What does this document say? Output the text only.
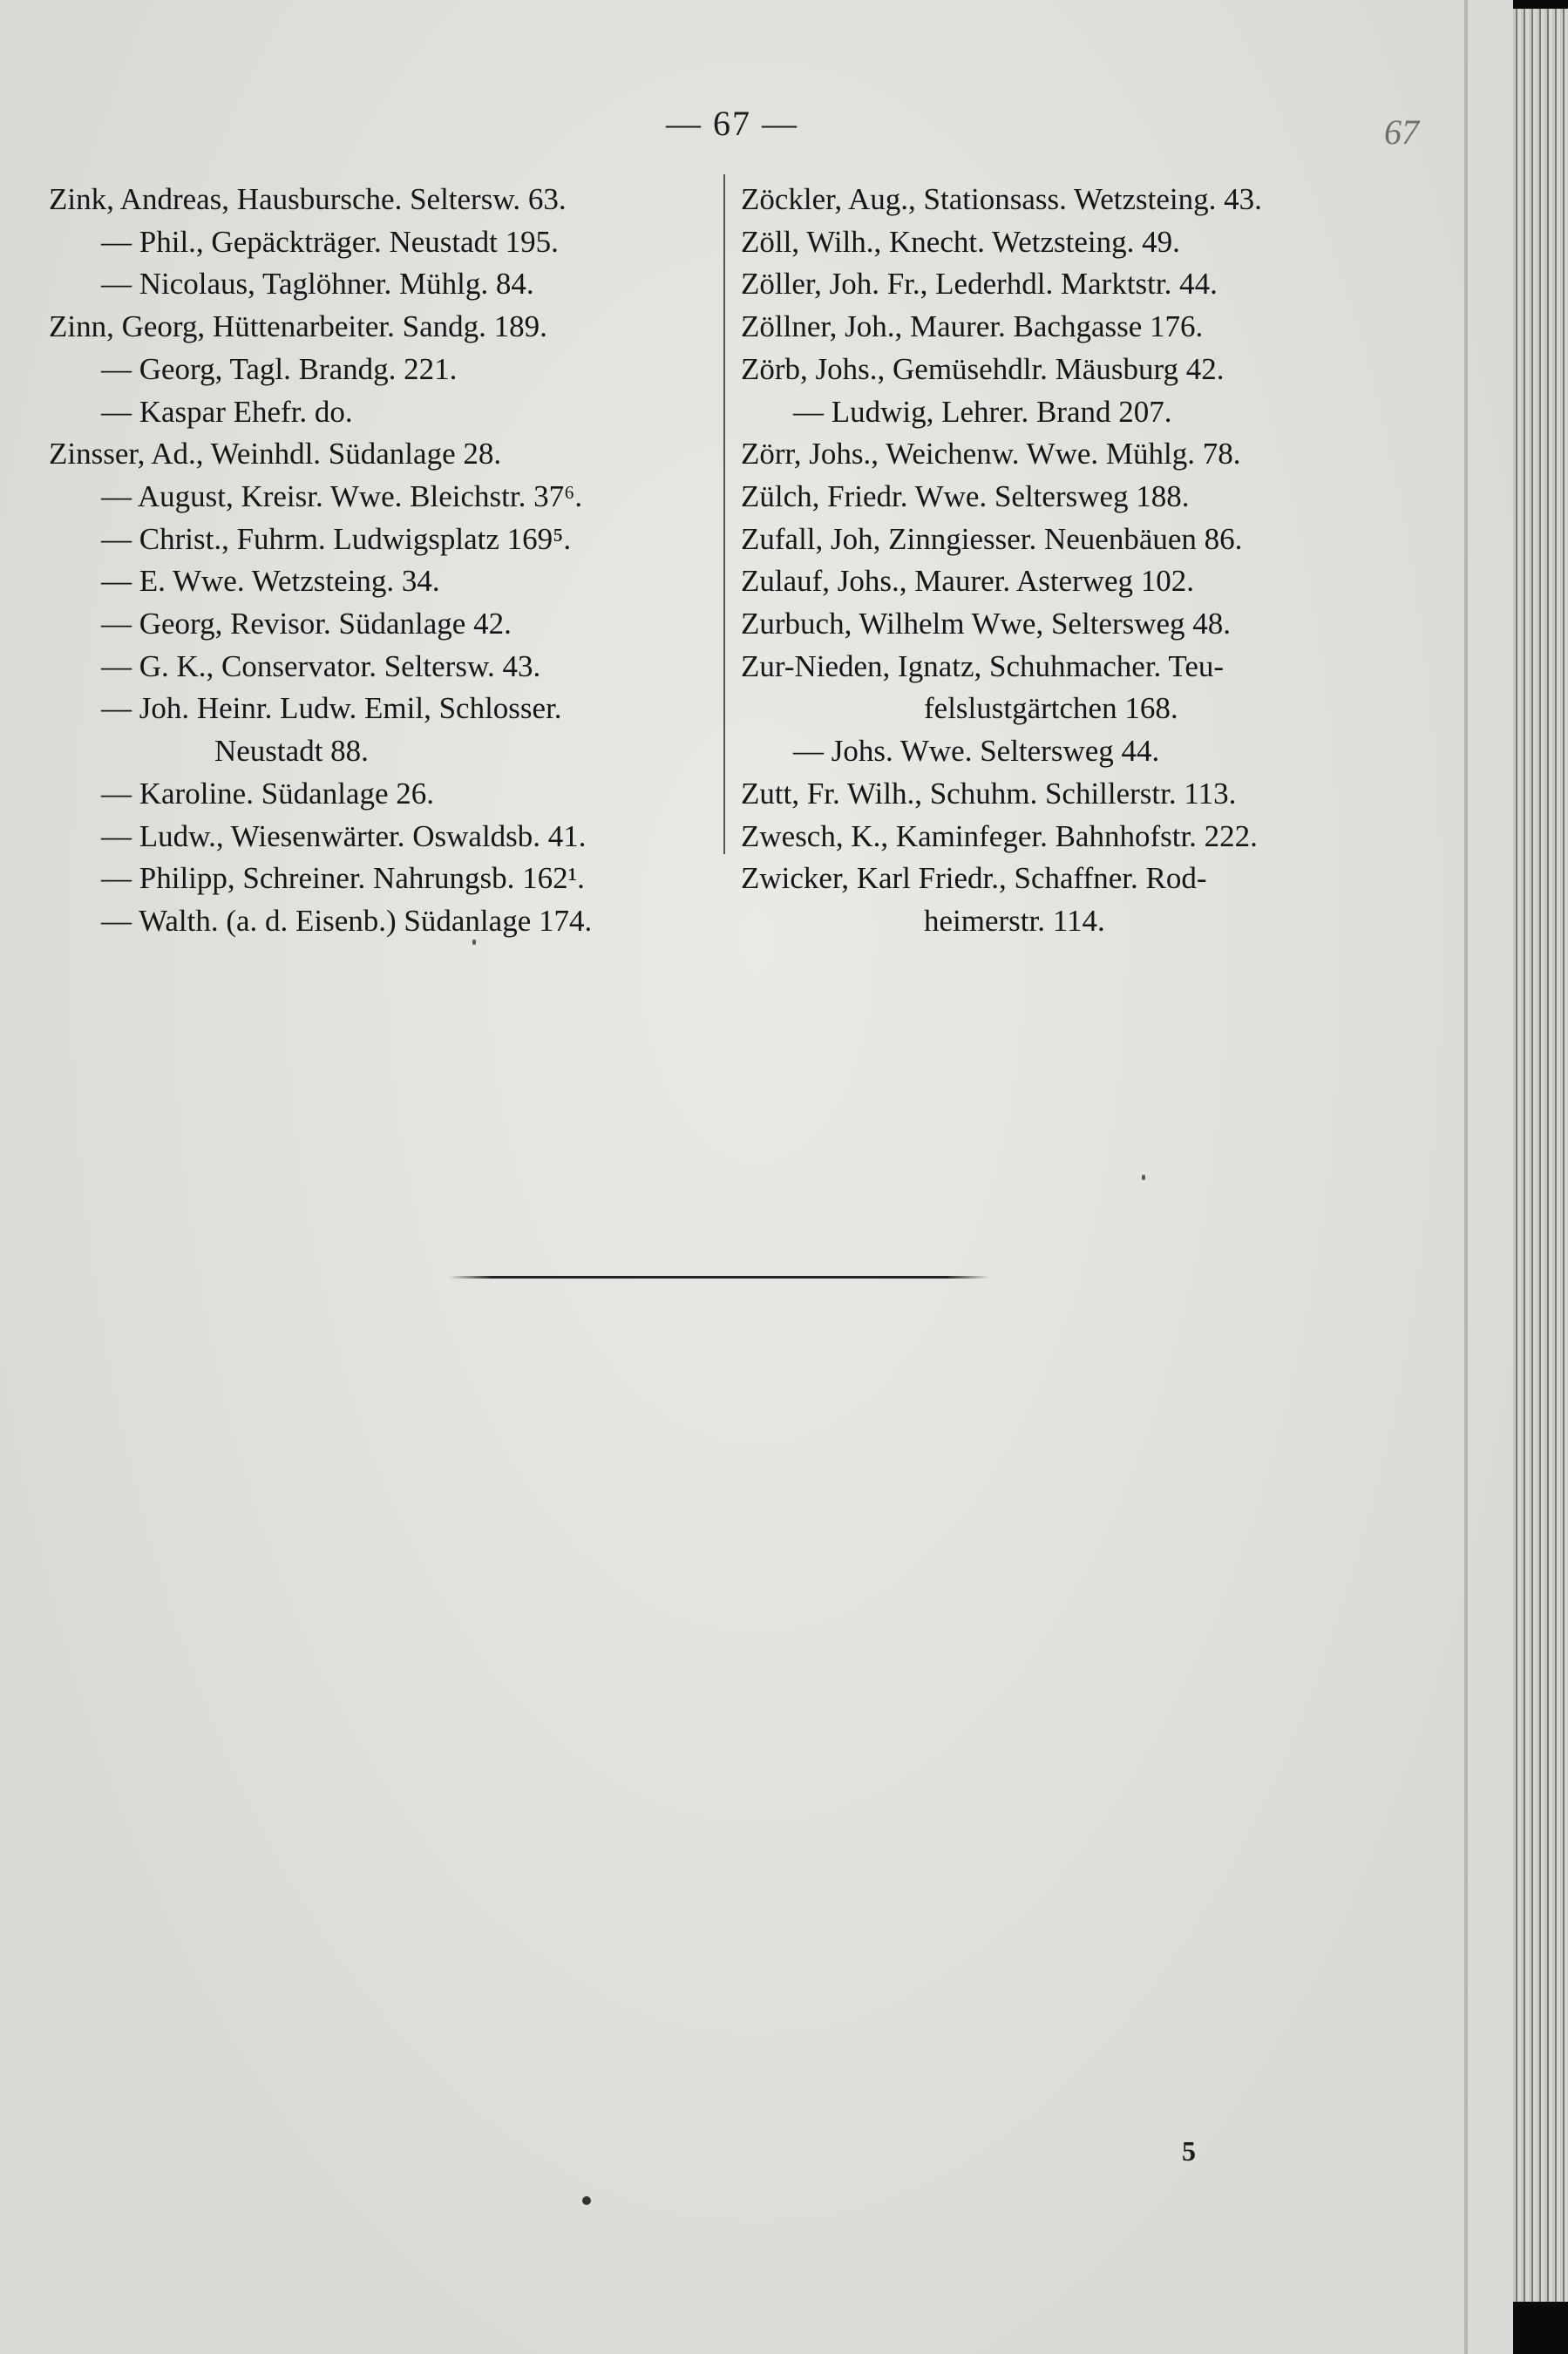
— 67 —	67
Zink, Andreas, Hausbursche. Seltersw. 63.
— Phil., Gepäckträger. Neustadt 195.
— Nicolaus, Taglöhner. Mühlg. 84.
Zinn, Georg, Hüttenarbeiter. Sandg. 189.
— Georg, Tagl. Brandg. 221.
— Kaspar Ehefr. do.
Zinsser, Ad., Weinhdl. Südanlage 28.
— August, Kreisr. Wwe. Bleichstr. 37⁶.
— Christ., Fuhrm. Ludwigsplatz 169⁵.
— E. Wwe. Wetzsteing. 34.
— Georg, Revisor. Südanlage 42.
— G. K., Conservator. Seltersw. 43.
— Joh. Heinr. Ludw. Emil, Schlosser.
Neustadt 88.
— Karoline. Südanlage 26.
— Ludw., Wiesenwärter. Oswaldsb. 41.
— Philipp, Schreiner. Nahrungsb. 162¹.
— Walth. (a. d. Eisenb.) Südanlage 174.
Zöckler, Aug., Stationsass. Wetzsteing. 43.
Zöll, Wilh., Knecht. Wetzsteing. 49.
Zöller, Joh. Fr., Lederhdl. Marktstr. 44.
Zöllner, Joh., Maurer. Bachgasse 176.
Zörb, Johs., Gemüsehdlr. Mäusburg 42.
— Ludwig, Lehrer. Brand 207.
Zörr, Johs., Weichenw. Wwe. Mühlg. 78.
Zülch, Friedr. Wwe. Seltersweg 188.
Zufall, Joh, Zinngiesser. Neuenbäuen 86.
Zulauf, Johs., Maurer. Asterweg 102.
Zurbuch, Wilhelm Wwe, Seltersweg 48.
Zur-Nieden, Ignatz, Schuhmacher. Teu-
felslustgärtchen 168.
— Johs. Wwe. Seltersweg 44.
Zutt, Fr. Wilh., Schuhm. Schillerstr. 113.
Zwesch, K., Kaminfeger. Bahnhofstr. 222.
Zwicker, Karl Friedr., Schaffner. Rod-
heimerstr. 114.
5
